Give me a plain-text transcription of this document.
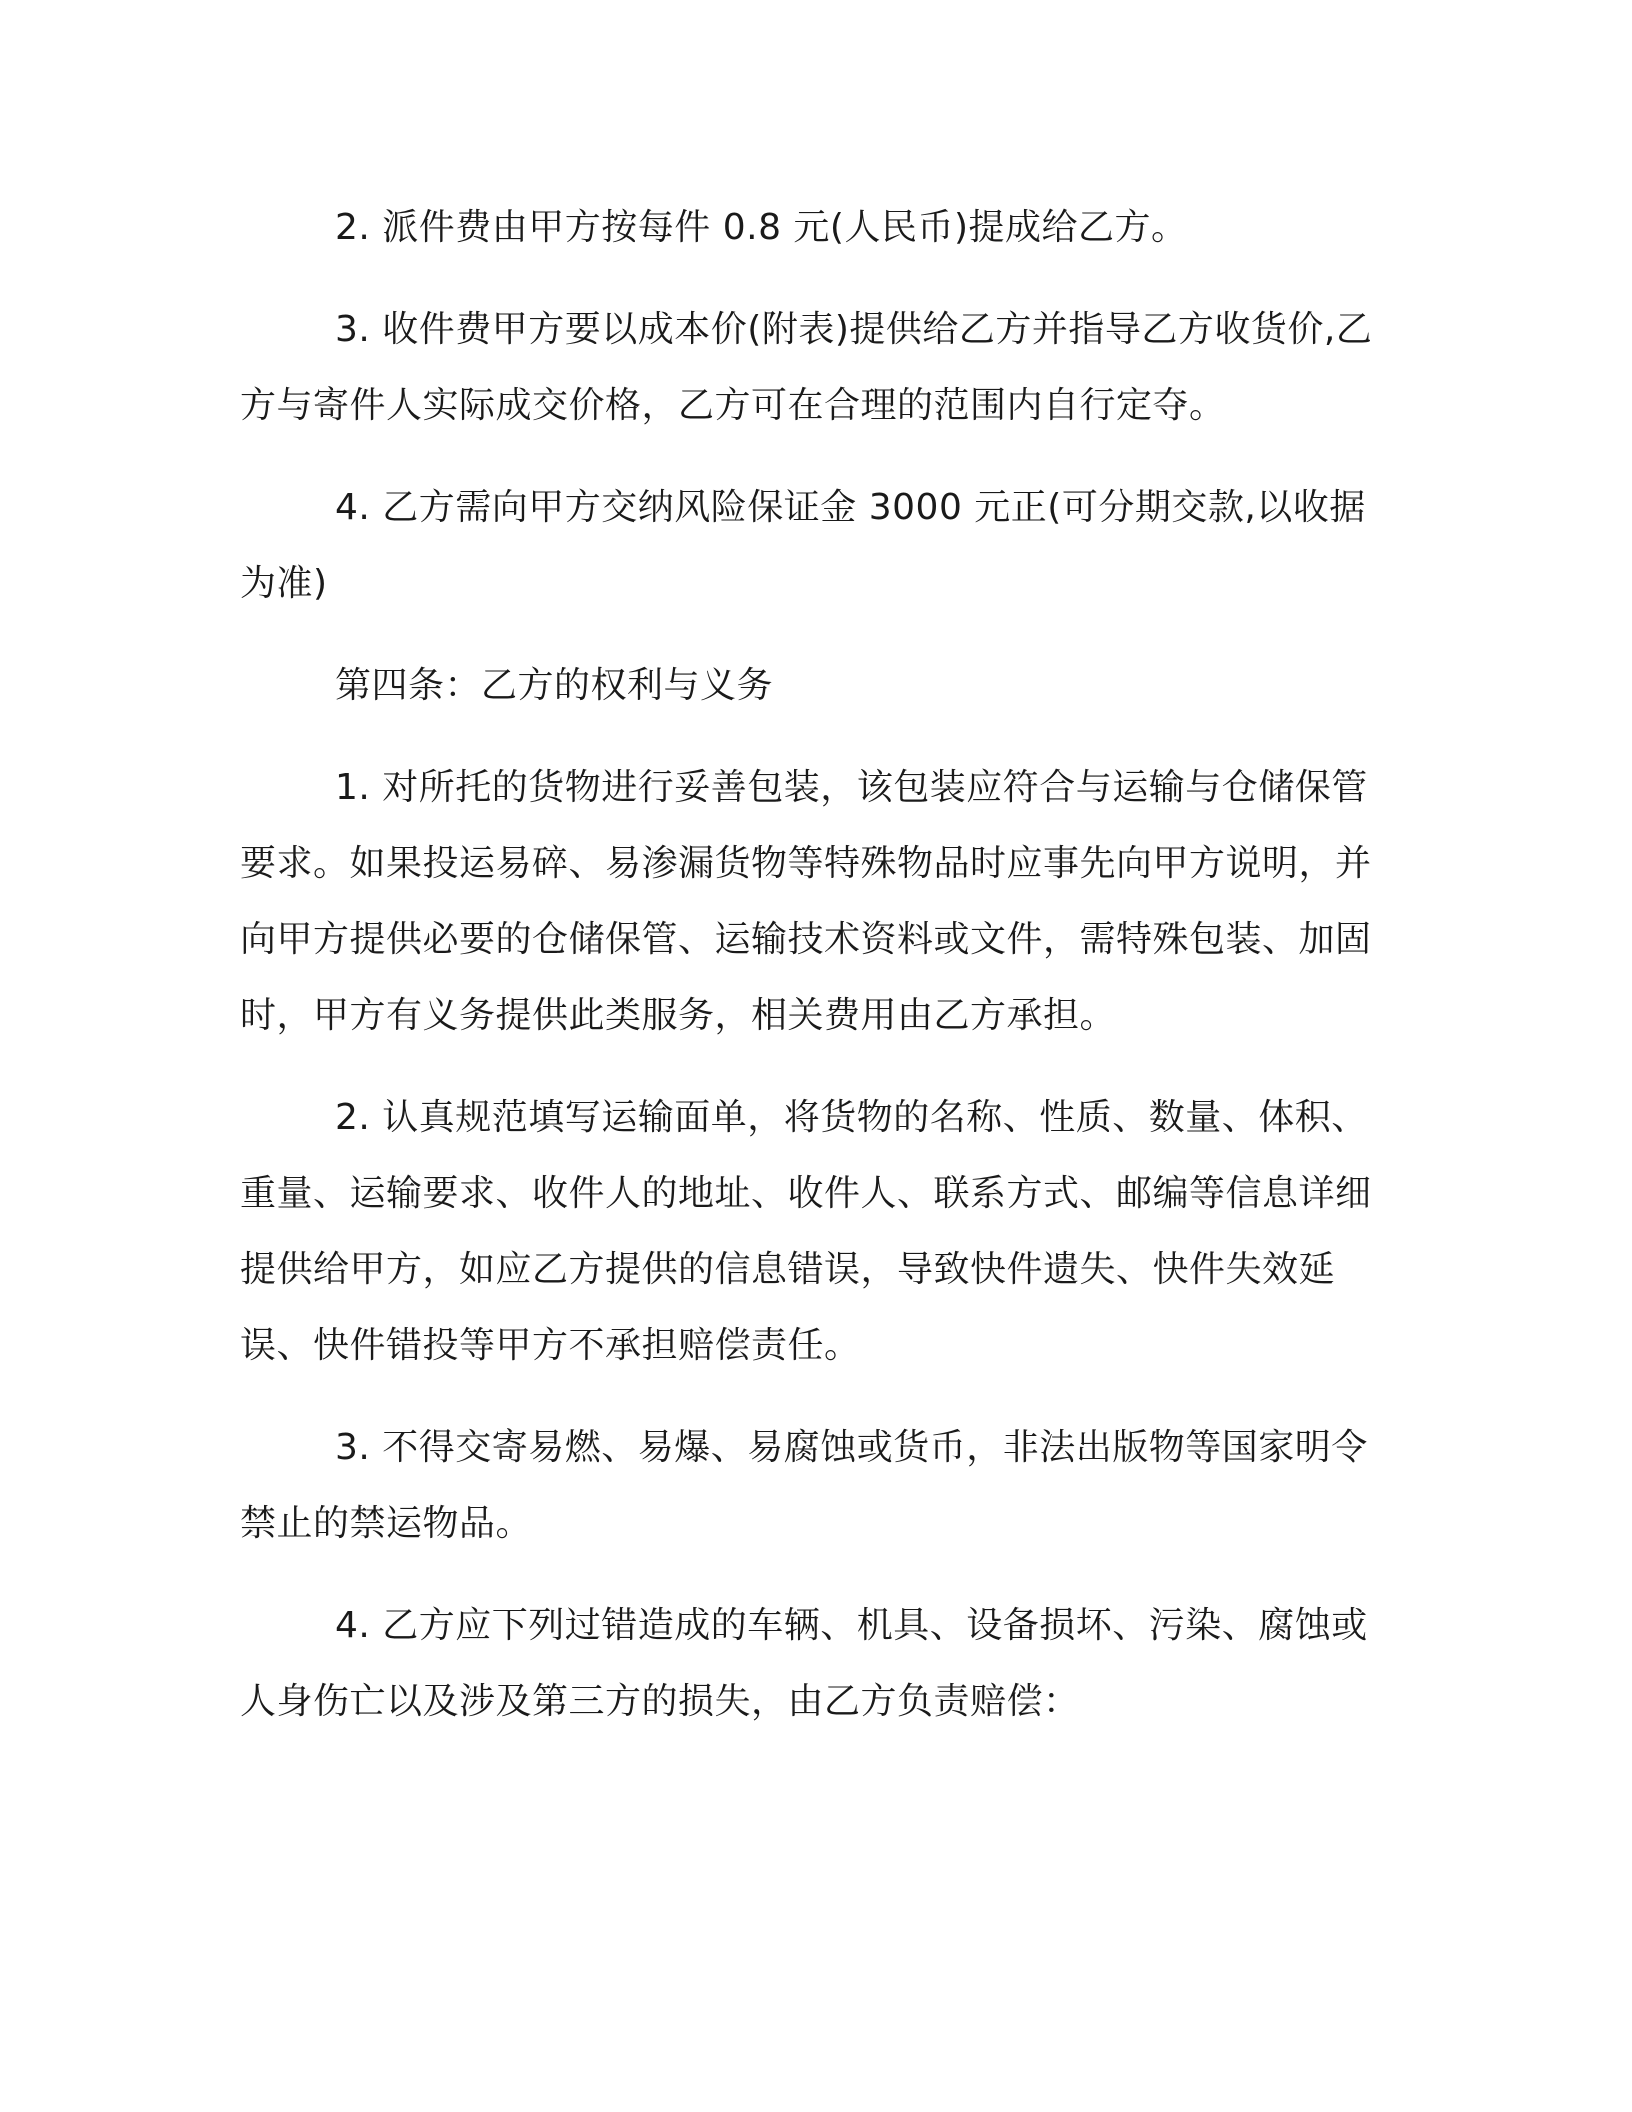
2. 派件费由甲方按每件 0.8 元(人民币)提成给乙方。

3. 收件费甲方要以成本价(附表)提供给乙方并指导乙方收货价,乙方与寄件人实际成交价格，乙方可在合理的范围内自行定夺。

4. 乙方需向甲方交纳风险保证金 3000 元正(可分期交款,以收据为准)

第四条：乙方的权利与义务

1. 对所托的货物进行妥善包装，该包装应符合与运输与仓储保管要求。如果投运易碎、易渗漏货物等特殊物品时应事先向甲方说明，并向甲方提供必要的仓储保管、运输技术资料或文件，需特殊包装、加固时，甲方有义务提供此类服务，相关费用由乙方承担。

2. 认真规范填写运输面单，将货物的名称、性质、数量、体积、重量、运输要求、收件人的地址、收件人、联系方式、邮编等信息详细提供给甲方，如应乙方提供的信息错误，导致快件遗失、快件失效延误、快件错投等甲方不承担赔偿责任。

3. 不得交寄易燃、易爆、易腐蚀或货币，非法出版物等国家明令禁止的禁运物品。

4. 乙方应下列过错造成的车辆、机具、设备损坏、污染、腐蚀或人身伤亡以及涉及第三方的损失，由乙方负责赔偿：
